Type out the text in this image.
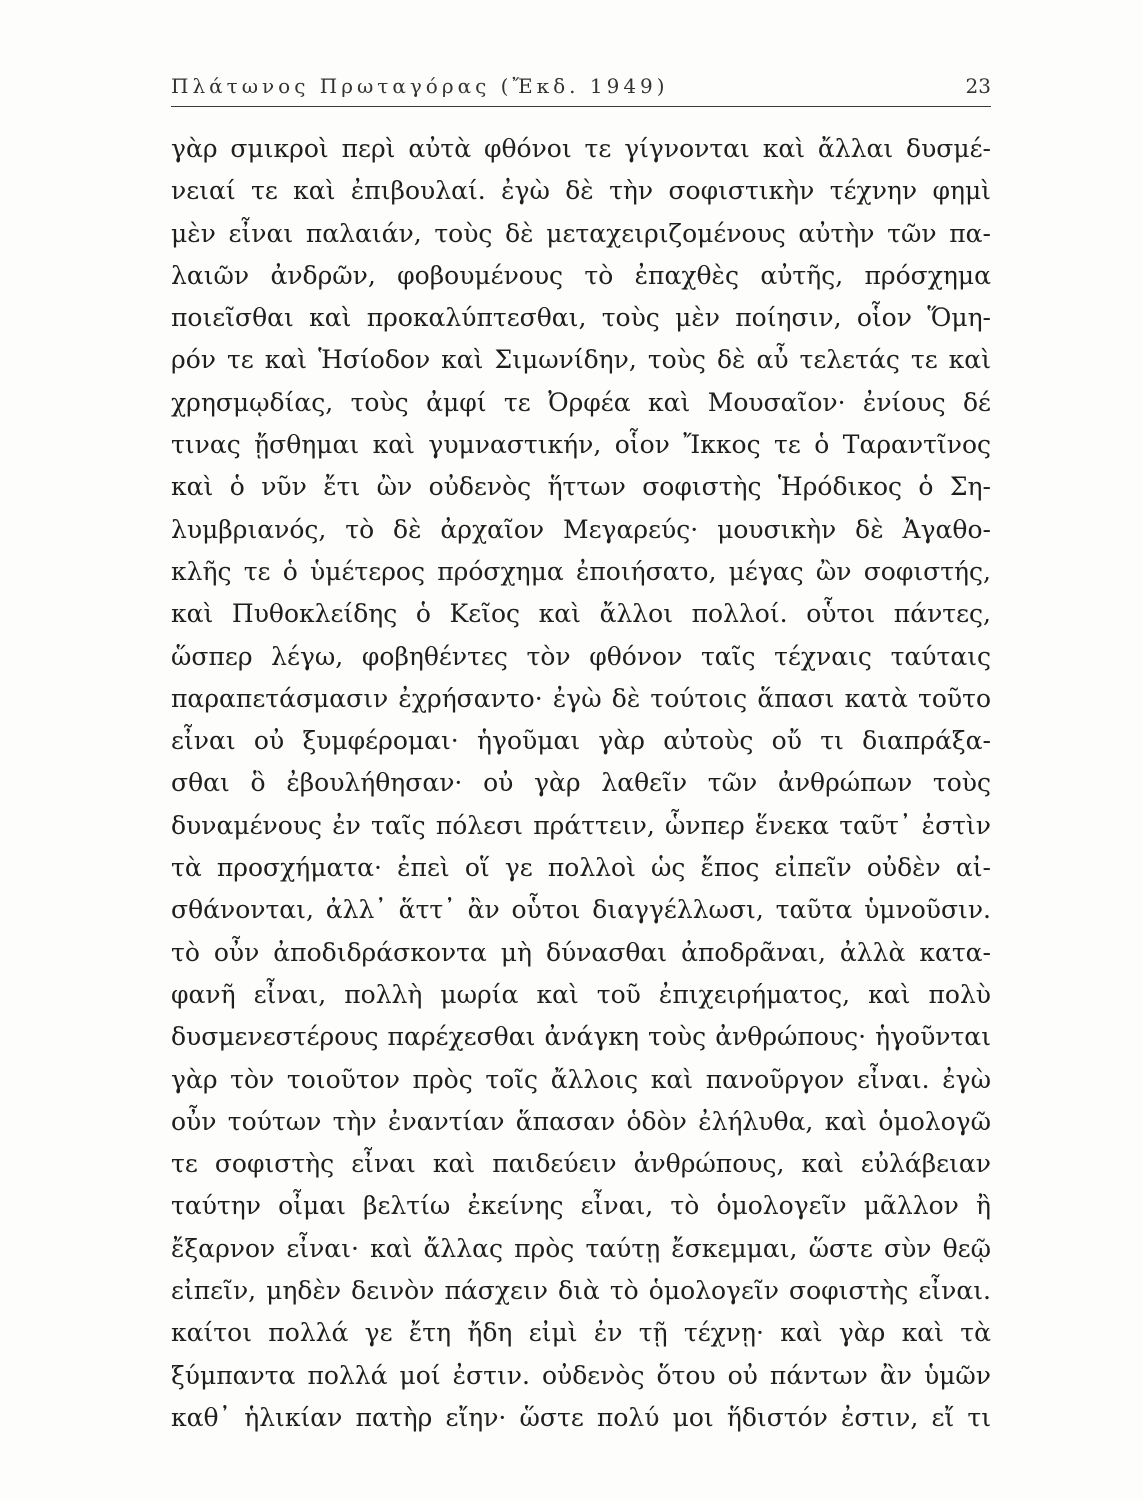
Πλάτωνος Πρωταγόρας (Ἔκδ. 1949)	23
γὰρ σμικροὶ περὶ αὐτὰ φθόνοι τε γίγνονται καὶ ἄλλαι δυσμέ-
νειαί τε καὶ ἐπιβουλαί. ἐγὼ δὲ τὴν σοφιστικὴν τέχνην φημὶ
μὲν εἶναι παλαιάν, τοὺς δὲ μεταχειριζομένους αὐτὴν τῶν πα-
λαιῶν ἀνδρῶν, φοβουμένους τὸ ἐπαχθὲς αὐτῆς, πρόσχημα
ποιεῖσθαι καὶ προκαλύπτεσθαι, τοὺς μὲν ποίησιν, οἷον Ὅμη-
ρόν τε καὶ Ἡσίοδον καὶ Σιμωνίδην, τοὺς δὲ αὖ τελετάς τε καὶ
χρησμῳδίας, τοὺς ἀμφί τε Ὀρφέα καὶ Μουσαῖον· ἐνίους δέ
τινας ᾔσθημαι καὶ γυμναστικήν, οἷον Ἴκκος τε ὁ Ταραντῖνος
καὶ ὁ νῦν ἔτι ὢν οὐδενὸς ἥττων σοφιστὴς Ἡρόδικος ὁ Ση-
λυμβριανός, τὸ δὲ ἀρχαῖον Μεγαρεύς· μουσικὴν δὲ Ἀγαθο-
κλῆς τε ὁ ὑμέτερος πρόσχημα ἐποιήσατο, μέγας ὢν σοφιστής,
καὶ Πυθοκλείδης ὁ Κεῖος καὶ ἄλλοι πολλοί. οὗτοι πάντες,
ὥσπερ λέγω, φοβηθέντες τὸν φθόνον ταῖς τέχναις ταύταις
παραπετάσμασιν ἐχρήσαντο· ἐγὼ δὲ τούτοις ἅπασι κατὰ τοῦτο
εἶναι οὐ ξυμφέρομαι· ἡγοῦμαι γὰρ αὐτοὺς οὔ τι διαπράξα-
σθαι ὃ ἐβουλήθησαν· οὐ γὰρ λαθεῖν τῶν ἀνθρώπων τοὺς
δυναμένους ἐν ταῖς πόλεσι πράττειν, ὧνπερ ἕνεκα ταῦτ᾽ ἐστὶν
τὰ προσχήματα· ἐπεὶ οἵ γε πολλοὶ ὡς ἔπος εἰπεῖν οὐδὲν αἰ-
σθάνονται, ἀλλ᾽ ἅττ᾽ ἂν οὗτοι διαγγέλλωσι, ταῦτα ὑμνοῦσιν.
τὸ οὖν ἀποδιδράσκοντα μὴ δύνασθαι ἀποδρᾶναι, ἀλλὰ κατα-
φανῆ εἶναι, πολλὴ μωρία καὶ τοῦ ἐπιχειρήματος, καὶ πολὺ
δυσμενεστέρους παρέχεσθαι ἀνάγκη τοὺς ἀνθρώπους· ἡγοῦνται
γὰρ τὸν τοιοῦτον πρὸς τοῖς ἄλλοις καὶ πανοῦργον εἶναι. ἐγὼ
οὖν τούτων τὴν ἐναντίαν ἅπασαν ὁδὸν ἐλήλυθα, καὶ ὁμολογῶ
τε σοφιστὴς εἶναι καὶ παιδεύειν ἀνθρώπους, καὶ εὐλάβειαν
ταύτην οἶμαι βελτίω ἐκείνης εἶναι, τὸ ὁμολογεῖν μᾶλλον ἢ
ἔξαρνον εἶναι· καὶ ἄλλας πρὸς ταύτῃ ἔσκεμμαι, ὥστε σὺν θεῷ
εἰπεῖν, μηδὲν δεινὸν πάσχειν διὰ τὸ ὁμολογεῖν σοφιστὴς εἶναι.
καίτοι πολλά γε ἔτη ἤδη εἰμὶ ἐν τῇ τέχνῃ· καὶ γὰρ καὶ τὰ
ξύμπαντα πολλά μοί ἐστιν. οὐδενὸς ὅτου οὐ πάντων ἂν ὑμῶν
καθ᾽ ἡλικίαν πατὴρ εἴην· ὥστε πολύ μοι ἥδιστόν ἐστιν, εἴ τι
